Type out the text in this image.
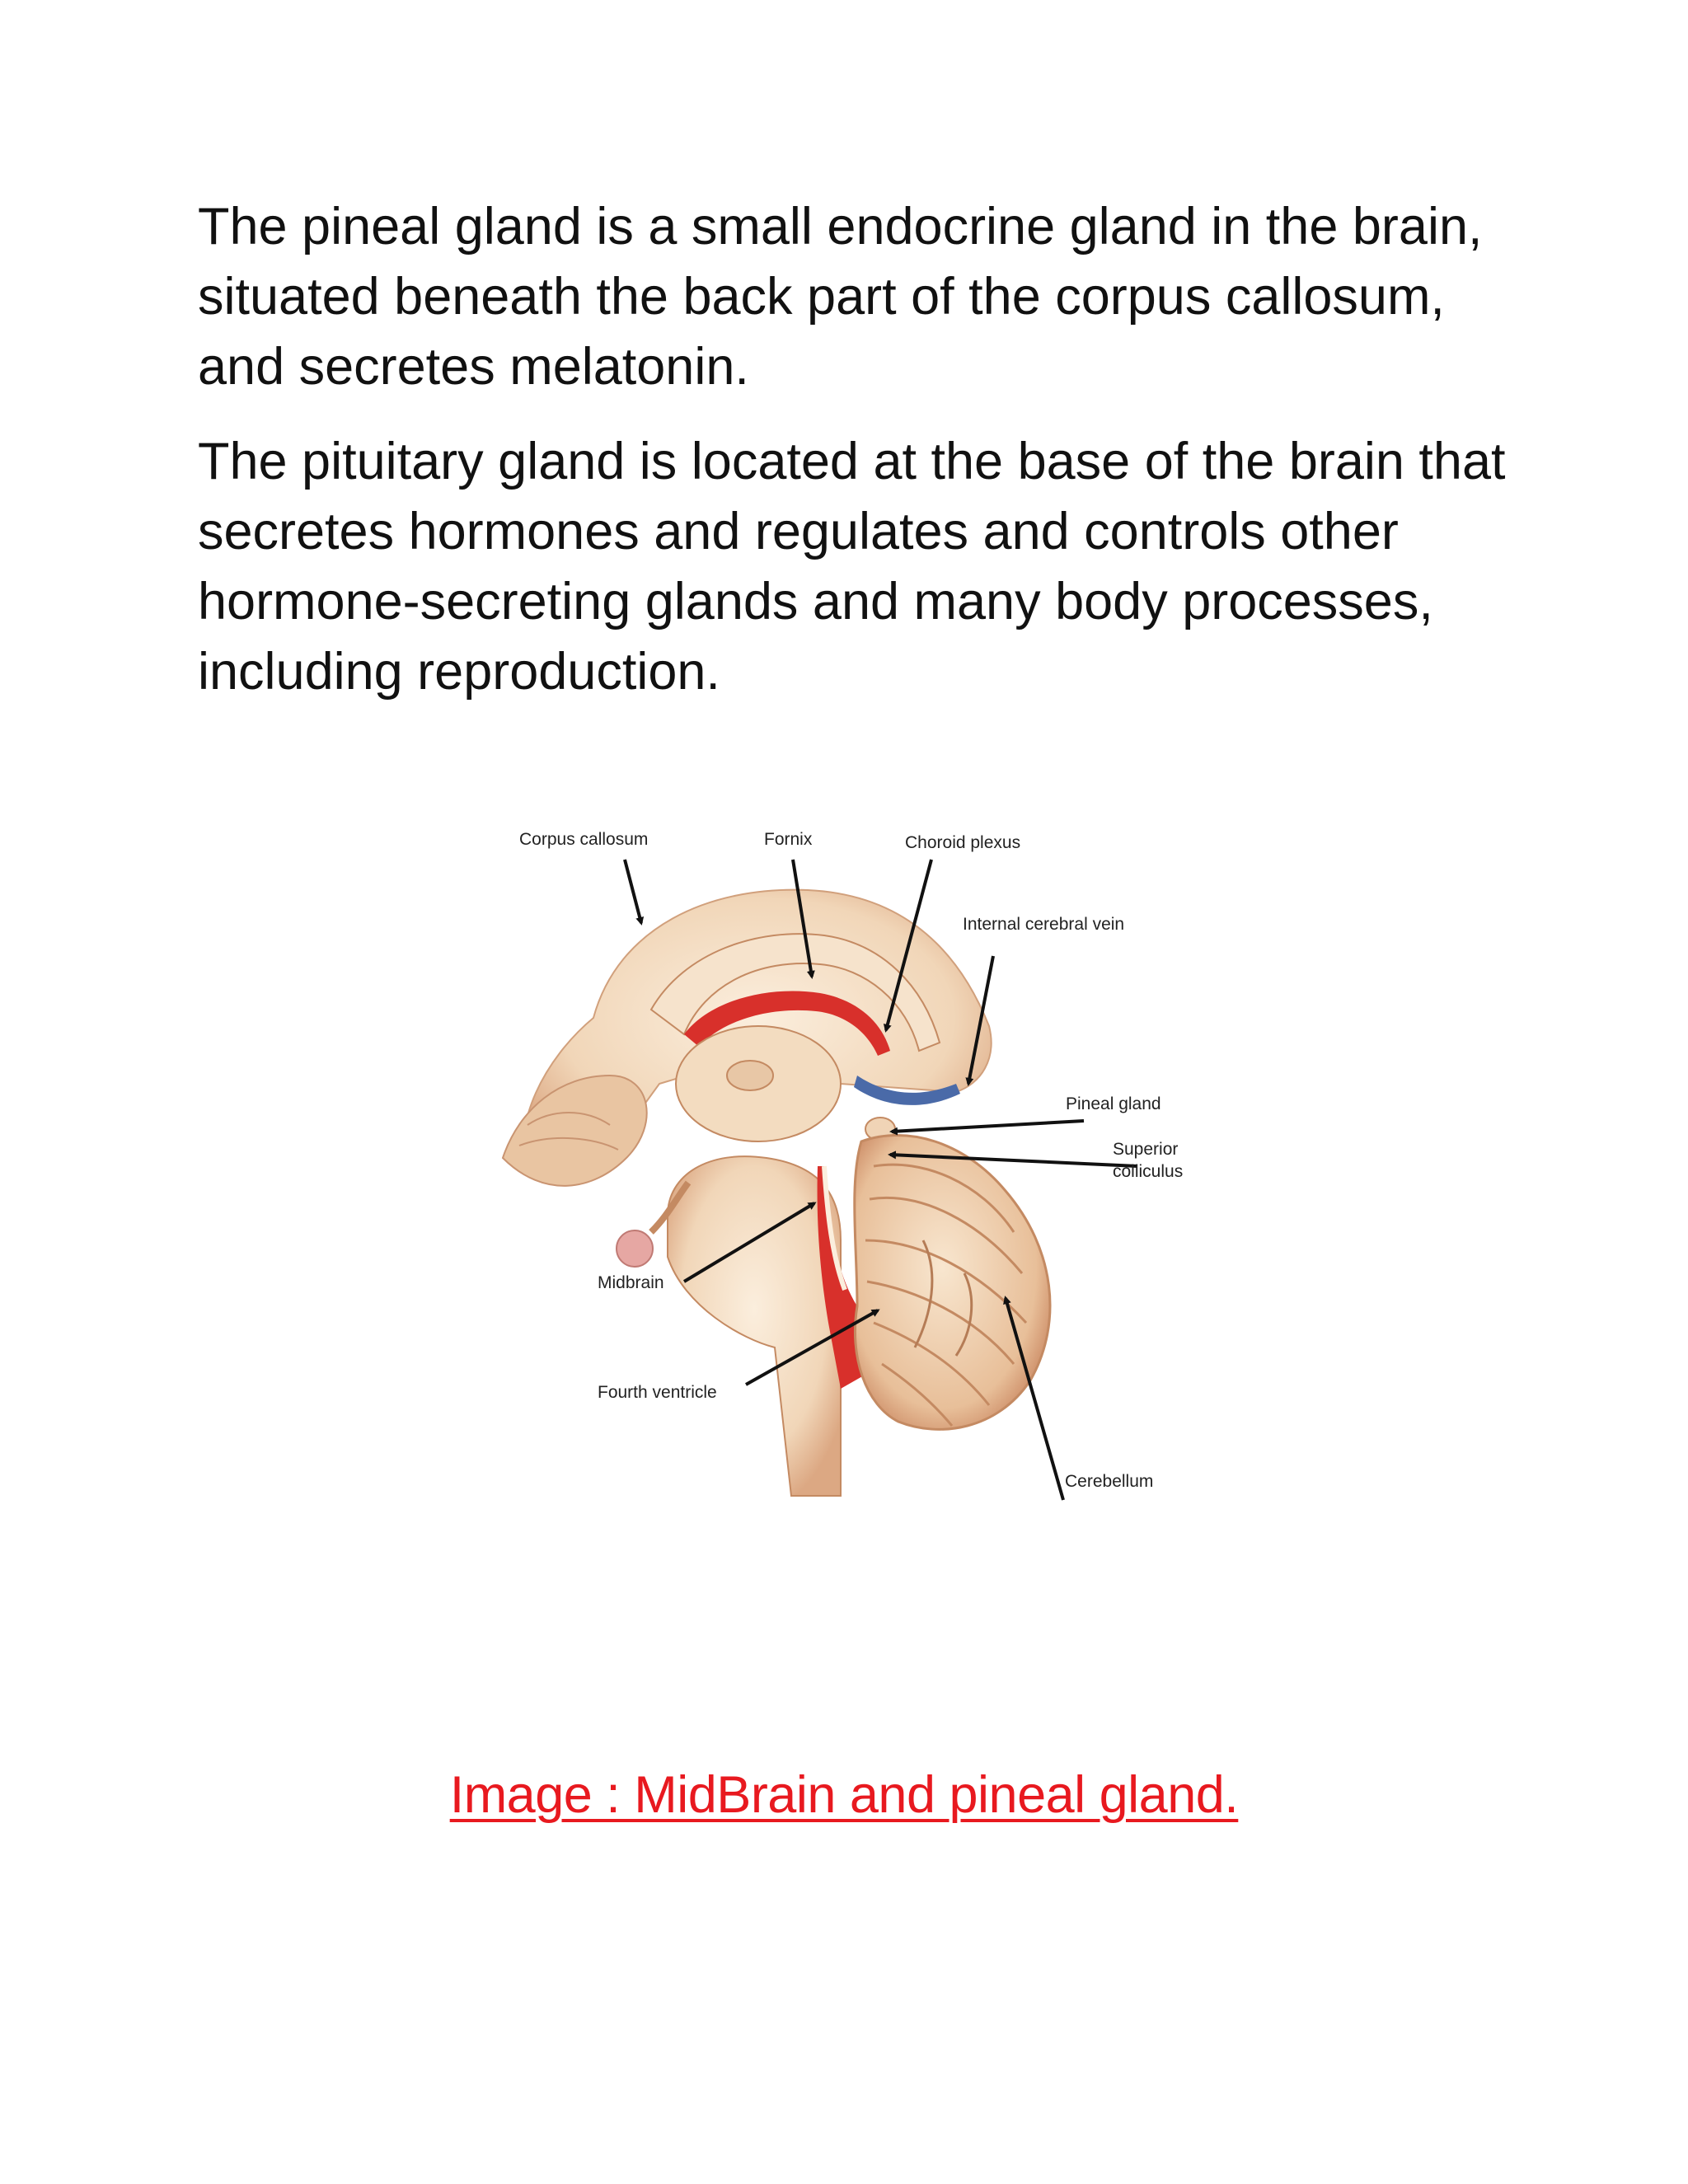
The pineal gland is a small endocrine gland in the brain, situated beneath the back part of the corpus callosum, and secretes melatonin.

The pituitary gland is located at the base of the brain that secretes hormones and regulates and controls other hormone-secreting glands and many body processes, including reproduction.

Corpus callosum	Fornix	Choroid plexus
Internal cerebral vein
Pineal gland
Superior
colliculus
Midbrain
Fourth ventricle
Cerebellum
Image : MidBrain and pineal gland.
